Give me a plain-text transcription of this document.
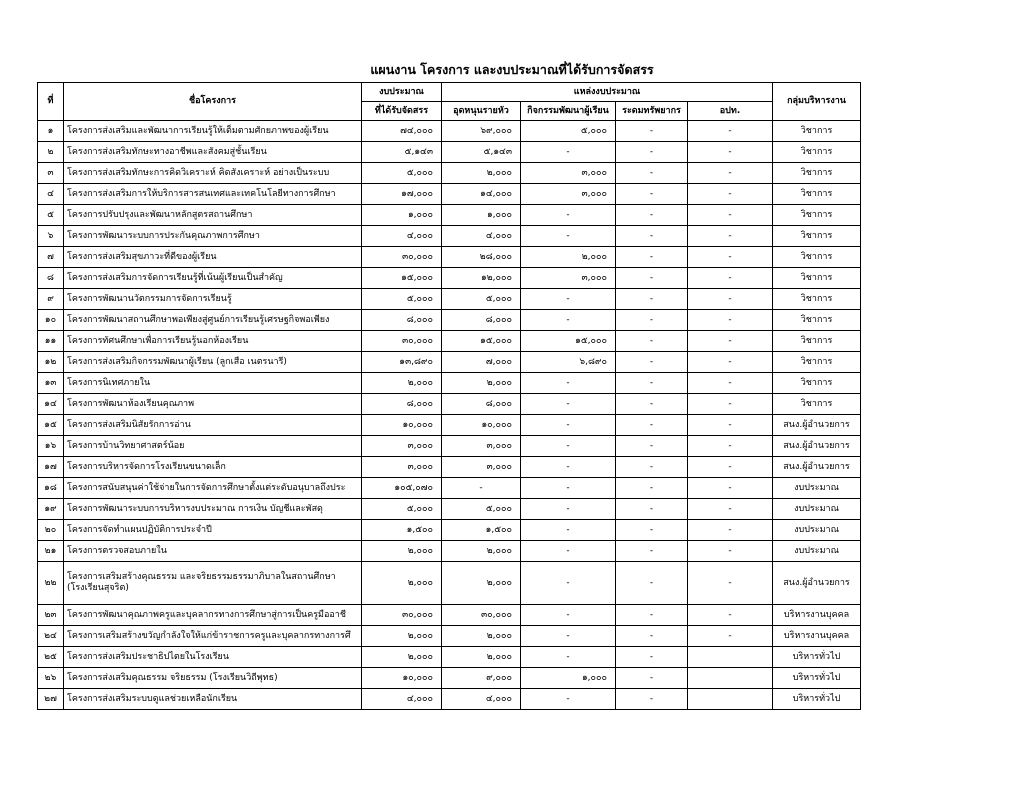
แผนงาน โครงการ และงบประมาณที่ได้รับการจัดสรร
ที่	ชื่อโครงการ	งบประมาณ	แหล่งงบประมาณ				กลุ่มบริหารงาน
		ที่ได้รับจัดสรร	อุดหนุนรายหัว	กิจกรรมพัฒนาผู้เรียน	ระดมทรัพยากร	อปท.	
๑	โครงการส่งเสริมและพัฒนาการเรียนรู้ให้เต็มตามศักยภาพของผู้เรียน	๗๔,๐๐๐	๖๙,๐๐๐	๕,๐๐๐	-	-	วิชาการ
๒	โครงการส่งเสริมทักษะทางอาชีพและสังคมสู่ชั้นเรียน	๕,๑๔๓	๕,๑๔๓	-	-	-	วิชาการ
๓	โครงการส่งเสริมทักษะการคิดวิเคราะห์ คิดสังเคราะห์ อย่างเป็นระบบ	๕,๐๐๐	๒,๐๐๐	๓,๐๐๐	-	-	วิชาการ
๔	โครงการส่งเสริมการให้บริการสารสนเทศและเทคโนโลยีทางการศึกษา	๑๗,๐๐๐	๑๔,๐๐๐	๓,๐๐๐	-	-	วิชาการ
๕	โครงการปรับปรุงและพัฒนาหลักสูตรสถานศึกษา	๑,๐๐๐	๑,๐๐๐	-	-	-	วิชาการ
๖	โครงการพัฒนาระบบการประกันคุณภาพการศึกษา	๔,๐๐๐	๔,๐๐๐	-	-	-	วิชาการ
๗	โครงการส่งเสริมสุขภาวะที่ดีของผู้เรียน	๓๐,๐๐๐	๒๘,๐๐๐	๒,๐๐๐	-	-	วิชาการ
๘	โครงการส่งเสริมการจัดการเรียนรู้ที่เน้นผู้เรียนเป็นสำคัญ	๑๕,๐๐๐	๑๒,๐๐๐	๓,๐๐๐	-	-	วิชาการ
๙	โครงการพัฒนานวัตกรรมการจัดการเรียนรู้	๕,๐๐๐	๕,๐๐๐	-	-	-	วิชาการ
๑๐	โครงการพัฒนาสถานศึกษาพอเพียงสู่ศูนย์การเรียนรู้เศรษฐกิจพอเพียง	๘,๐๐๐	๘,๐๐๐	-	-	-	วิชาการ
๑๑	โครงการทัศนศึกษาเพื่อการเรียนรู้นอกห้องเรียน	๓๐,๐๐๐	๑๕,๐๐๐	๑๕,๐๐๐	-	-	วิชาการ
๑๒	โครงการส่งเสริมกิจกรรมพัฒนาผู้เรียน (ลูกเสือ เนตรนารี)	๑๓,๘๙๐	๗,๐๐๐	๖,๘๙๐	-	-	วิชาการ
๑๓	โครงการนิเทศภายใน	๒,๐๐๐	๒,๐๐๐	-	-	-	วิชาการ
๑๔	โครงการพัฒนาห้องเรียนคุณภาพ	๘,๐๐๐	๘,๐๐๐	-	-	-	วิชาการ
๑๕	โครงการส่งเสริมนิสัยรักการอ่าน	๑๐,๐๐๐	๑๐,๐๐๐	-	-	-	สนง.ผู้อำนวยการ
๑๖	โครงการบ้านวิทยาศาสตร์น้อย	๓,๐๐๐	๓,๐๐๐	-	-	-	สนง.ผู้อำนวยการ
๑๗	โครงการบริหารจัดการโรงเรียนขนาดเล็ก	๓,๐๐๐	๓,๐๐๐	-	-	-	สนง.ผู้อำนวยการ
๑๘	โครงการสนับสนุนค่าใช้จ่ายในการจัดการศึกษาตั้งแต่ระดับอนุบาลถึงประ	๑๐๕,๐๗๐	-	-	-	-	งบประมาณ
๑๙	โครงการพัฒนาระบบการบริหารงบประมาณ การเงิน บัญชีและพัสดุ	๕,๐๐๐	๕,๐๐๐	-	-	-	งบประมาณ
๒๐	โครงการจัดทำแผนปฏิบัติการประจำปี	๑,๕๐๐	๑,๕๐๐	-	-	-	งบประมาณ
๒๑	โครงการตรวจสอบภายใน	๒,๐๐๐	๒,๐๐๐	-	-	-	งบประมาณ
๒๒	โครงการเสริมสร้างคุณธรรม และจริยธรรมธรรมาภิบาลในสถานศึกษา (โรงเรียนสุจริต)	๒,๐๐๐	๒,๐๐๐	-	-	-	สนง.ผู้อำนวยการ
๒๓	โครงการพัฒนาคุณภาพครูและบุคลากรทางการศึกษาสู่การเป็นครูมืออาชี	๓๐,๐๐๐	๓๐,๐๐๐	-	-	-	บริหารงานบุคคล
๒๔	โครงการเสริมสร้างขวัญกำลังใจให้แก่ข้าราชการครูและบุคลากรทางการศึ	๒,๐๐๐	๒,๐๐๐	-	-	-	บริหารงานบุคคล
๒๕	โครงการส่งเสริมประชาธิปไตยในโรงเรียน	๒,๐๐๐	๒,๐๐๐	-	-		บริหารทั่วไป
๒๖	โครงการส่งเสริมคุณธรรม จริยธรรม (โรงเรียนวิถีพุทธ)	๑๐,๐๐๐	๙,๐๐๐	๑,๐๐๐	-		บริหารทั่วไป
๒๗	โครงการส่งเสริมระบบดูแลช่วยเหลือนักเรียน	๔,๐๐๐	๔,๐๐๐	-	-		บริหารทั่วไป
